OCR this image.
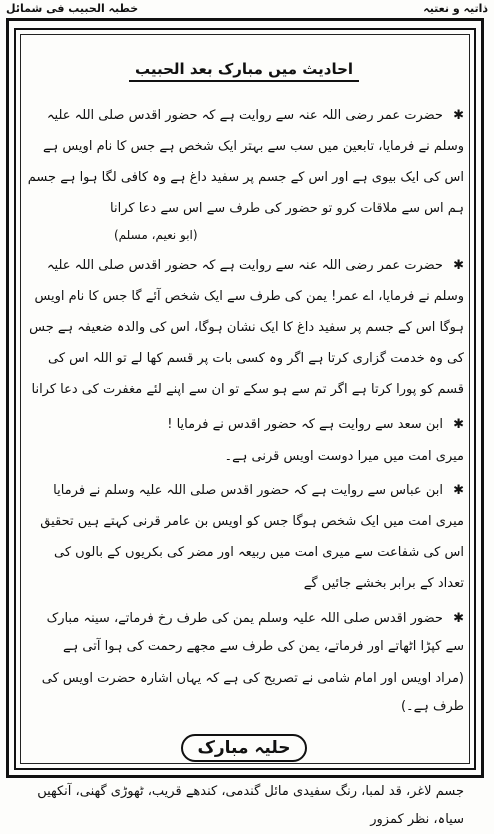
خطبہ الحبیب فی شمائل	ذاتیہ و نعتیہ
احادیث میں مبارک بعد الحبیب

✱ حضرت عمر رضی اللہ عنہ سے روایت ہے کہ حضور اقدس صلی اللہ علیہ وسلم نے فرمایا، تابعین میں سب سے بہتر ایک شخص ہے جس کا نام اویس ہے اس کی ایک بیوی ہے اور اس کے جسم پر سفید داغ ہے وہ کافی لگا ہوا ہے جسم ہم اس سے ملاقات کرو تو حضور کی طرف سے اس سے دعا کرانا

(ابو نعیم، مسلم)

✱ حضرت عمر رضی اللہ عنہ سے روایت ہے کہ حضور اقدس صلی اللہ علیہ وسلم نے فرمایا، اے عمر! یمن کی طرف سے ایک شخص آئے گا جس کا نام اویس ہوگا اس کے جسم پر سفید داغ کا ایک نشان ہوگا، اس کی والدہ ضعیفہ ہے جس کی وہ خدمت گزاری کرتا ہے اگر وہ کسی بات پر قسم کھا لے تو اللہ اس کی قسم کو پورا کرتا ہے اگر تم سے ہو سکے تو ان سے اپنے لئے مغفرت کی دعا کرانا

✱ ابن سعد سے روایت ہے کہ حضور اقدس نے فرمایا !

میری امت میں میرا دوست اویس قرنی ہے۔

✱ ابن عباس سے روایت ہے کہ حضور اقدس صلی اللہ علیہ وسلم نے فرمایا میری امت میں ایک شخص ہوگا جس کو اویس بن عامر قرنی کہتے ہیں تحقیق اس کی شفاعت سے میری امت میں ربیعہ اور مضر کی بکریوں کے بالوں کی تعداد کے برابر بخشے جائیں گے

✱ حضور اقدس صلی اللہ علیہ وسلم یمن کی طرف رخ فرماتے، سینہ مبارک سے کپڑا اٹھاتے اور فرماتے، یمن کی طرف سے مجھے رحمت کی ہوا آتی ہے

(مراد اویس اور امام شامی نے تصریح کی ہے کہ یہاں اشارہ حضرت اویس کی طرف ہے۔)

حلیہ مبارک

جسم لاغر، قد لمبا، رنگ سفیدی مائل گندمی، کندھے قریب، ٹھوڑی گھنی، آنکھیں سیاہ، نظر کمزور
